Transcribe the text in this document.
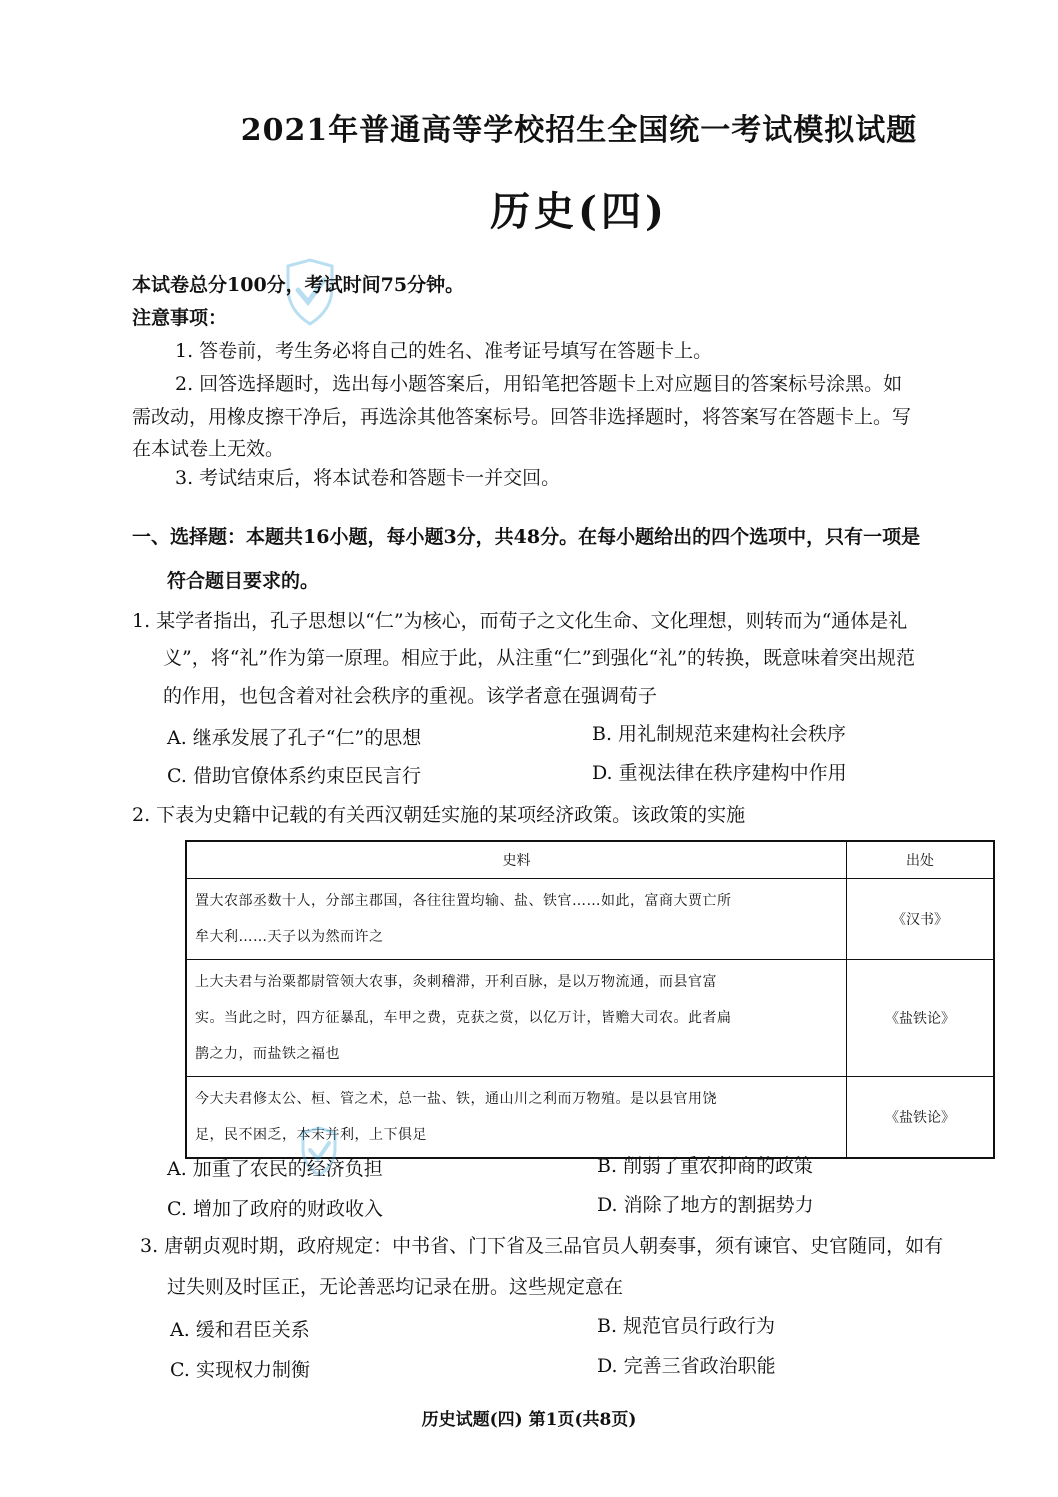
2021年普通高等学校招生全国统一考试模拟试题
历史(四)
本试卷总分100分，考试时间75分钟。
注意事项：
1. 答卷前，考生务必将自己的姓名、准考证号填写在答题卡上。
2. 回答选择题时，选出每小题答案后，用铅笔把答题卡上对应题目的答案标号涂黑。如
需改动，用橡皮擦干净后，再选涂其他答案标号。回答非选择题时，将答案写在答题卡上。写
在本试卷上无效。
3. 考试结束后，将本试卷和答题卡一并交回。
一、选择题：本题共16小题，每小题3分，共48分。在每小题给出的四个选项中，只有一项是
符合题目要求的。
1. 某学者指出，孔子思想以“仁”为核心，而荀子之文化生命、文化理想，则转而为“通体是礼
义”，将“礼”作为第一原理。相应于此，从注重“仁”到强化“礼”的转换，既意味着突出规范
的作用，也包含着对社会秩序的重视。该学者意在强调荀子
A. 继承发展了孔子“仁”的思想	B. 用礼制规范来建构社会秩序
C. 借助官僚体系约束臣民言行	D. 重视法律在秩序建构中作用
2. 下表为史籍中记载的有关西汉朝廷实施的某项经济政策。该政策的实施
史料	出处

置大农部丞数十人，分部主郡国，各往往置均输、盐、铁官……如此，富商大贾亡所
牟大利……天子以为然而许之	《汉书》

上大夫君与治粟都尉管领大农事，灸刺稽滞，开利百脉，是以万物流通，而县官富
实。当此之时，四方征暴乱，车甲之费，克获之赏，以亿万计，皆赡大司农。此者扁
鹊之力，而盐铁之福也	《盐铁论》

今大夫君修太公、桓、管之术，总一盐、铁，通山川之利而万物殖。是以县官用饶
足，民不困乏，本末并利，上下俱足	《盐铁论》
A. 加重了农民的经济负担	B. 削弱了重农抑商的政策
C. 增加了政府的财政收入	D. 消除了地方的割据势力
3. 唐朝贞观时期，政府规定：中书省、门下省及三品官员人朝奏事，须有谏官、史官随同，如有
过失则及时匡正，无论善恶均记录在册。这些规定意在
A. 缓和君臣关系	B. 规范官员行政行为
C. 实现权力制衡	D. 完善三省政治职能
历史试题(四) 第1页(共8页)
